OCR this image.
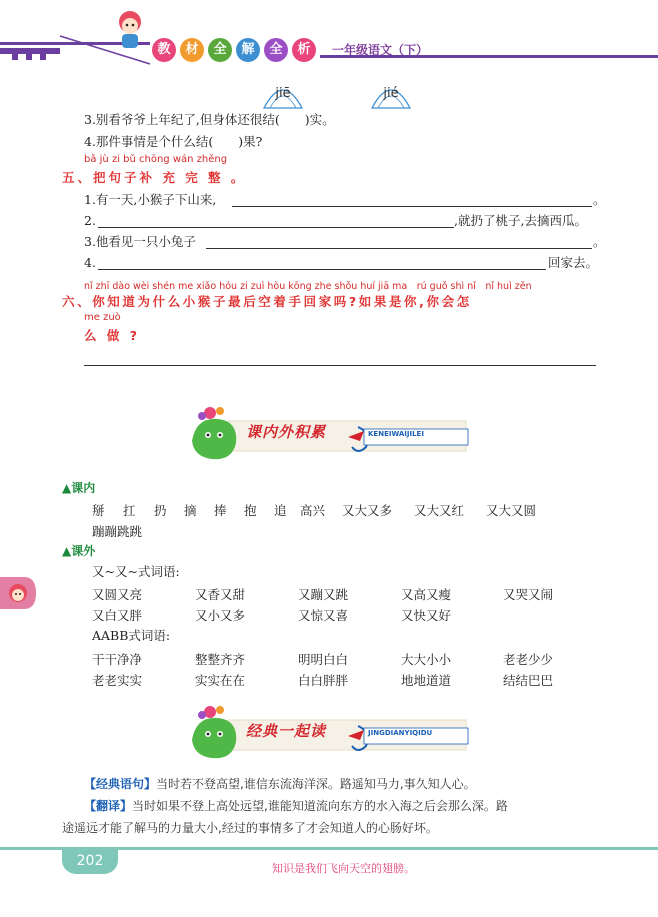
教	材	全	解	全	析	一年级语文（下）
jiē	jié
3.别看爷爷上年纪了,但身体还很结(　　)实。
4.那件事情是个什么结(　　)果?
bǎ jù zi bǔ chōng wán zhěng
五、把句子补 充 完 整 。
1.有一天,小猴子下山来,	。
2.	,就扔了桃子,去摘西瓜。
3.他看见一只小兔子	。
4.	回家去。
nǐ zhī dào wèi shén me xiǎo hóu zi zuì hòu kōng zhe shǒu huí jiā ma　rú guǒ shì nǐ　nǐ huì zěn
六、你知道为什么小猴子最后空着手回家吗?如果是你,你会怎
me zuò
么 做 ?
课内外积累	KENEIWAIJILEI
▲课内
掰 扛 扔 摘 捧 抱 追 高兴 又大又多 又大又红 又大又圆
蹦蹦跳跳
▲课外
又~又~式词语:
又圆又亮	又香又甜	又蹦又跳	又高又瘦	又哭又闹
又白又胖	又小又多	又惊又喜	又快又好
AABB式词语:
干干净净	整整齐齐	明明白白	大大小小	老老少少
老老实实	实实在在	白白胖胖	地地道道	结结巴巴
经典一起读	JINGDIANYIQIDU
【经典语句】当时若不登高望,谁信东流海洋深。路遥知马力,事久知人心。
【翻译】当时如果不登上高处远望,谁能知道流向东方的水入海之后会那么深。路
途遥远才能了解马的力量大小,经过的事情多了才会知道人的心肠好坏。
202	知识是我们飞向天空的翅膀。
